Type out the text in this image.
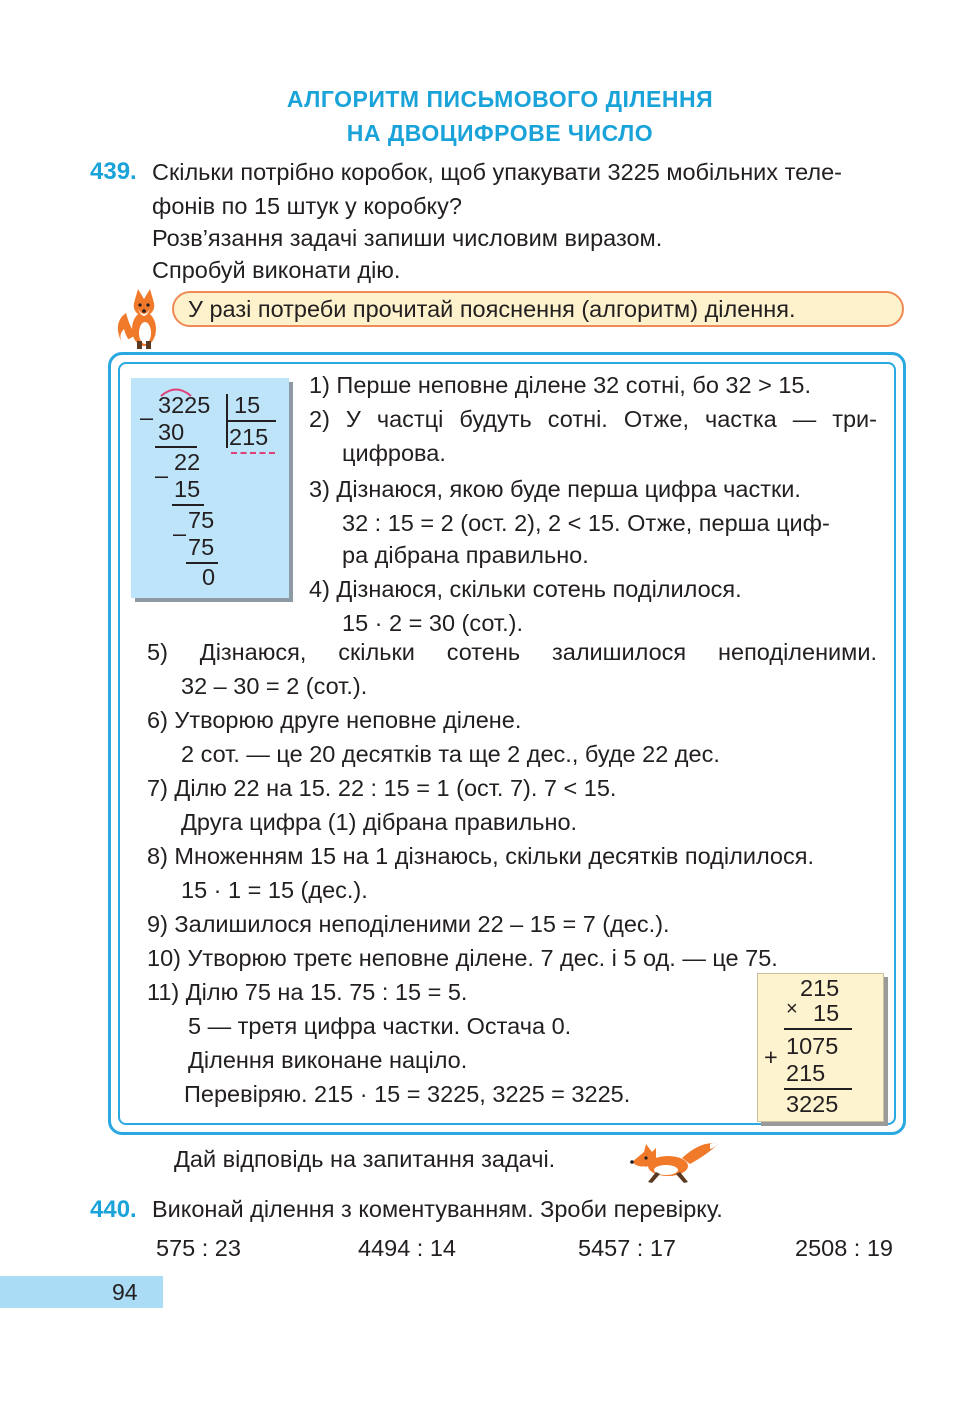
АЛГОРИТМ ПИСЬМОВОГО ДІЛЕННЯ
НА ДВОЦИФРОВЕ ЧИСЛО
439. Скільки потрібно коробок, щоб упакувати 3225 мобільних теле-
фонів по 15 штук у коробку?
Розв’язання задачі запиши числовим виразом.
Спробуй виконати дію.
У разі потреби прочитай пояснення (алгоритм) ділення.
– 3225 15
215
30
– 22
15
– 75
75
0
1) Перше неповне ділене 32 сотні, бо 32 > 15.
2) У частці будуть сотні. Отже, частка — три-
цифрова.
3) Дізнаюся, якою буде перша цифра частки.
32 : 15 = 2 (ост. 2), 2 < 15. Отже, перша циф-
ра дібрана правильно.
4) Дізнаюся, скільки сотень поділилося.
15 · 2 = 30 (сот.).
5) Дізнаюся, скільки сотень залишилося неподіленими.
32 – 30 = 2 (сот.).
6) Утворюю друге неповне ділене.
2 сот. — це 20 десятків та ще 2 дес., буде 22 дес.
7) Ділю 22 на 15. 22 : 15 = 1 (ост. 7). 7 < 15.
Друга цифра (1) дібрана правильно.
8) Множенням 15 на 1 дізнаюсь, скільки десятків поділилося.
15 · 1 = 15 (дес.).
9) Залишилося неподіленими 22 – 15 = 7 (дес.).
10) Утворюю третє неповне ділене. 7 дес. і 5 од. — це 75.
11) Ділю 75 на 15. 75 : 15 = 5.
5 — третя цифра частки. Остача 0.
Ділення виконане націло.
Перевіряю. 215 · 15 = 3225, 3225 = 3225.
215
× 15
1075
+
215
3225
Дай відповідь на запитання задачі.
440. Виконай ділення з коментуванням. Зроби перевірку.
575 : 23	4494 : 14	5457 : 17	2508 : 19
94
